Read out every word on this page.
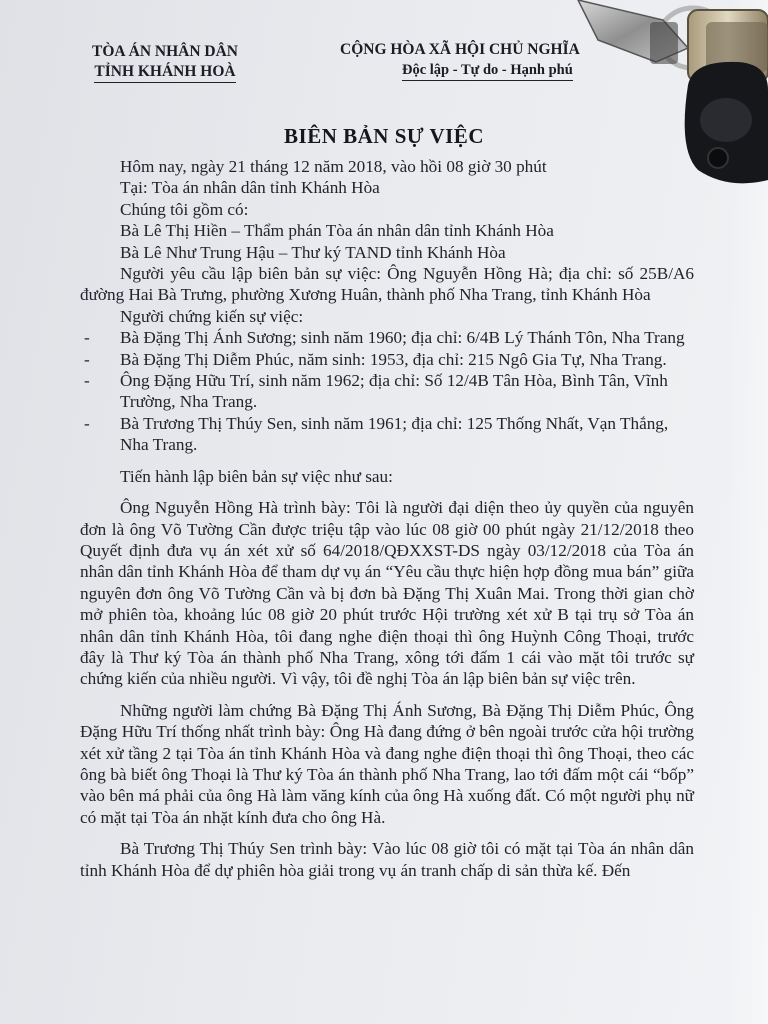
TÒA ÁN NHÂN DÂN
TỈNH KHÁNH HOÀ
CỘNG HÒA XÃ HỘI CHỦ NGHĨA
Độc lập - Tự do - Hạnh phú
BIÊN BẢN SỰ VIỆC

Hôm nay, ngày 21 tháng 12 năm 2018, vào hồi 08 giờ 30 phút

Tại: Tòa án nhân dân tỉnh Khánh Hòa

Chúng tôi gồm có:

Bà Lê Thị Hiền – Thẩm phán Tòa án nhân dân tỉnh Khánh Hòa

Bà Lê Như Trung Hậu – Thư ký TAND tỉnh Khánh Hòa

Người yêu cầu lập biên bản sự việc: Ông Nguyễn Hồng Hà; địa chỉ: số 25B/A6 đường Hai Bà Trưng, phường Xương Huân, thành phố Nha Trang, tỉnh Khánh Hòa

Người chứng kiến sự việc:

- Bà Đặng Thị Ánh Sương; sinh năm 1960; địa chỉ: 6/4B Lý Thánh Tôn, Nha Trang
- Bà Đặng Thị Diễm Phúc, năm sinh: 1953, địa chỉ: 215 Ngô Gia Tự, Nha Trang.
- Ông Đặng Hữu Trí, sinh năm 1962; địa chỉ: Số 12/4B Tân Hòa, Bình Tân, Vĩnh Trường, Nha Trang.
- Bà Trương Thị Thúy Sen, sinh năm 1961; địa chỉ: 125 Thống Nhất, Vạn Thắng, Nha Trang.

Tiến hành lập biên bản sự việc như sau:

Ông Nguyễn Hồng Hà trình bày: Tôi là người đại diện theo ủy quyền của nguyên đơn là ông Võ Tường Cần được triệu tập vào lúc 08 giờ 00 phút ngày 21/12/2018 theo Quyết định đưa vụ án xét xử số 64/2018/QĐXXST-DS ngày 03/12/2018 của Tòa án nhân dân tỉnh Khánh Hòa để tham dự vụ án “Yêu cầu thực hiện hợp đồng mua bán” giữa nguyên đơn ông Võ Tường Cần và bị đơn bà Đặng Thị Xuân Mai. Trong thời gian chờ mở phiên tòa, khoảng lúc 08 giờ 20 phút trước Hội trường xét xử B tại trụ sở Tòa án nhân dân tỉnh Khánh Hòa, tôi đang nghe điện thoại thì ông Huỳnh Công Thoại, trước đây là Thư ký Tòa án thành phố Nha Trang, xông tới đấm 1 cái vào mặt tôi trước sự chứng kiến của nhiều người. Vì vậy, tôi đề nghị Tòa án lập biên bản sự việc trên.

Những người làm chứng Bà Đặng Thị Ánh Sương, Bà Đặng Thị Diễm Phúc, Ông Đặng Hữu Trí thống nhất trình bày: Ông Hà đang đứng ở bên ngoài trước cửa hội trường xét xử tầng 2 tại Tòa án tỉnh Khánh Hòa và đang nghe điện thoại thì ông Thoại, theo các ông bà biết ông Thoại là Thư ký Tòa án thành phố Nha Trang, lao tới đấm một cái “bốp” vào bên má phải của ông Hà làm văng kính của ông Hà xuống đất. Có một người phụ nữ có mặt tại Tòa án nhặt kính đưa cho ông Hà.

Bà Trương Thị Thúy Sen trình bày: Vào lúc 08 giờ tôi có mặt tại Tòa án nhân dân tỉnh Khánh Hòa để dự phiên hòa giải trong vụ án tranh chấp di sản thừa kế. Đến
